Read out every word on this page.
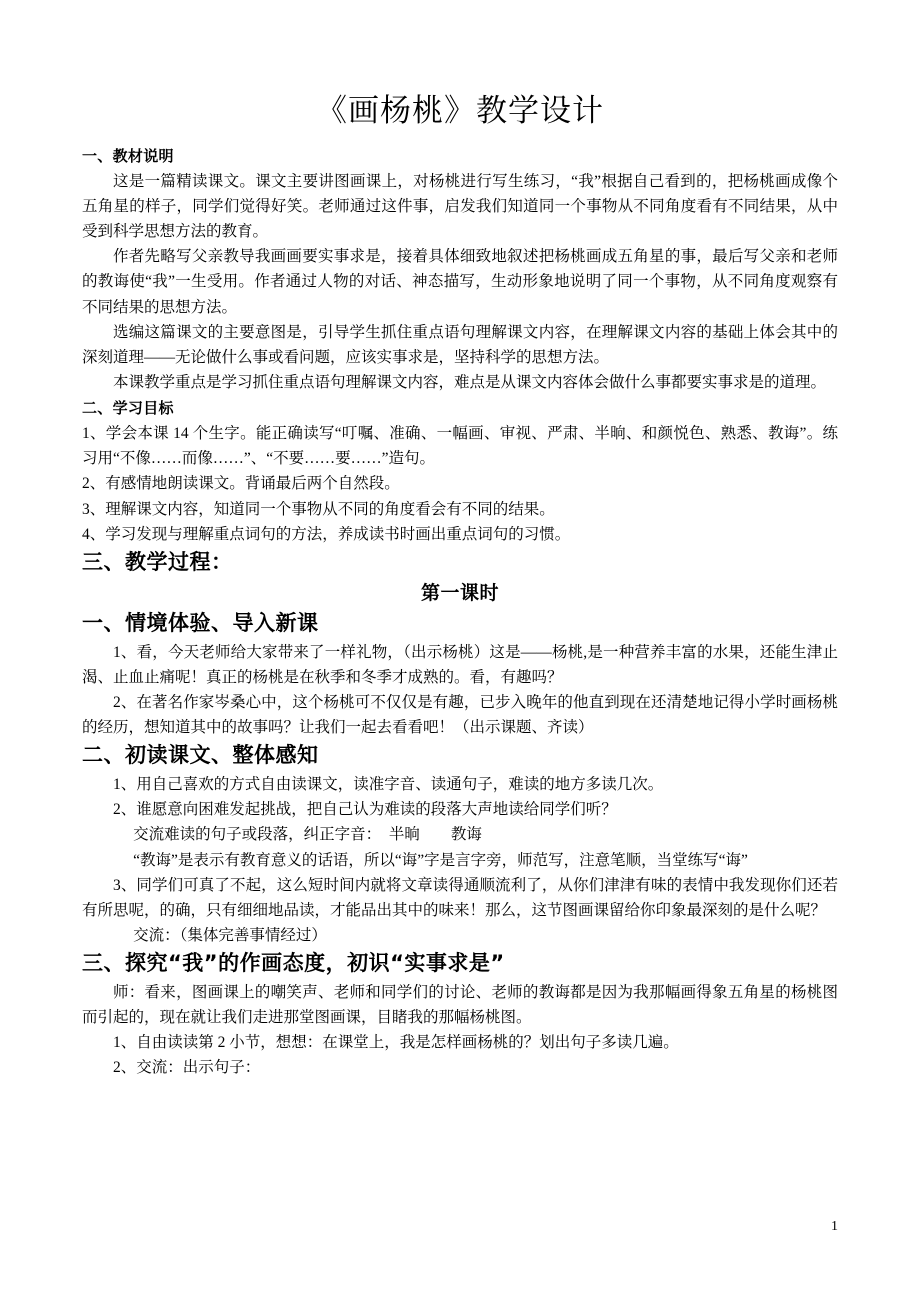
《画杨桃》教学设计
一、教材说明

这是一篇精读课文。课文主要讲图画课上，对杨桃进行写生练习，“我”根据自己看到的，把杨桃画成像个五角星的样子，同学们觉得好笑。老师通过这件事，启发我们知道同一个事物从不同角度看有不同结果，从中受到科学思想方法的教育。

作者先略写父亲教导我画画要实事求是，接着具体细致地叙述把杨桃画成五角星的事，最后写父亲和老师的教诲使“我”一生受用。作者通过人物的对话、神态描写，生动形象地说明了同一个事物，从不同角度观察有不同结果的思想方法。

选编这篇课文的主要意图是，引导学生抓住重点语句理解课文内容，在理解课文内容的基础上体会其中的深刻道理——无论做什么事或看问题，应该实事求是，坚持科学的思想方法。

本课教学重点是学习抓住重点语句理解课文内容，难点是从课文内容体会做什么事都要实事求是的道理。

二、学习目标

1、学会本课 14 个生字。能正确读写“叮嘱、准确、一幅画、审视、严肃、半晌、和颜悦色、熟悉、教诲”。练习用“不像……而像……”、“不要……要……”造句。

2、有感情地朗读课文。背诵最后两个自然段。

3、理解课文内容，知道同一个事物从不同的角度看会有不同的结果。

4、学习发现与理解重点词句的方法，养成读书时画出重点词句的习惯。

三、教学过程：
第一课时
一、情境体验、导入新课

1、看，今天老师给大家带来了一样礼物，（出示杨桃）这是——杨桃,是一种营养丰富的水果，还能生津止渴、止血止痛呢！真正的杨桃是在秋季和冬季才成熟的。看，有趣吗？

2、在著名作家岑桑心中，这个杨桃可不仅仅是有趣，已步入晚年的他直到现在还清楚地记得小学时画杨桃的经历，想知道其中的故事吗？让我们一起去看看吧！（出示课题、齐读）

二、初读课文、整体感知

1、用自己喜欢的方式自由读课文，读准字音、读通句子，难读的地方多读几次。

2、谁愿意向困难发起挑战，把自己认为难读的段落大声地读给同学们听？

交流难读的句子或段落，纠正字音：　半晌　　教诲

“教诲”是表示有教育意义的话语，所以“诲”字是言字旁，师范写，注意笔顺，当堂练写“诲”

3、同学们可真了不起，这么短时间内就将文章读得通顺流利了，从你们津津有味的表情中我发现你们还若有所思呢，的确，只有细细地品读，才能品出其中的味来！那么，这节图画课留给你印象最深刻的是什么呢？

交流：（集体完善事情经过）

三、探究“我”的作画态度，初识“实事求是”

师：看来，图画课上的嘲笑声、老师和同学们的讨论、老师的教诲都是因为我那幅画得象五角星的杨桃图而引起的，现在就让我们走进那堂图画课，目睹我的那幅杨桃图。

1、自由读读第 2 小节，想想：在课堂上，我是怎样画杨桃的？划出句子多读几遍。

2、交流：出示句子：

1
